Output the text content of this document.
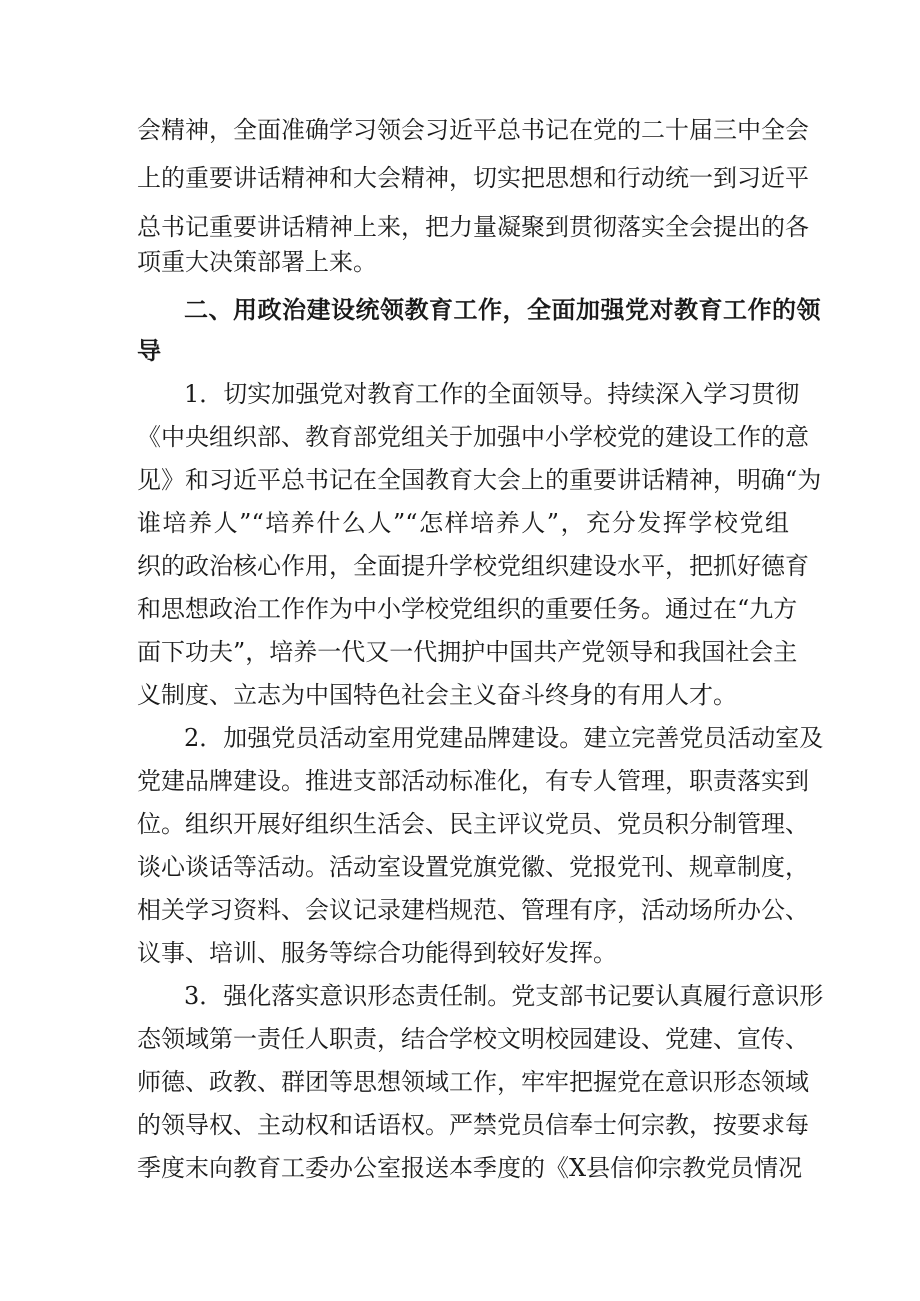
会精神，全面准确学习领会习近平总书记在党的二十届三中全会

上的重要讲话精神和大会精神，切实把思想和行动统一到习近平

总书记重要讲话精神上来，把力量凝聚到贯彻落实全会提出的各

项重大决策部署上来。

二、用政治建设统领教育工作，全面加强党对教育工作的领

导

1．切实加强党对教育工作的全面领导。持续深入学习贯彻

《中央组织部、教育部党组关于加强中小学校党的建设工作的意

见》和习近平总书记在全国教育大会上的重要讲话精神，明确“为

谁培养人”“培养什么人”“怎样培养人”，充分发挥学校党组

织的政治核心作用，全面提升学校党组织建设水平，把抓好德育

和思想政治工作作为中小学校党组织的重要任务。通过在“九方

面下功夫”，培养一代又一代拥护中国共产党领导和我国社会主

义制度、立志为中国特色社会主义奋斗终身的有用人才。

2．加强党员活动室用党建品牌建设。建立完善党员活动室及

党建品牌建设。推进支部活动标准化，有专人管理，职责落实到

位。组织开展好组织生活会、民主评议党员、党员积分制管理、

谈心谈话等活动。活动室设置党旗党徽、党报党刊、规章制度，

相关学习资料、会议记录建档规范、管理有序，活动场所办公、

议事、培训、服务等综合功能得到较好发挥。

3．强化落实意识形态责任制。党支部书记要认真履行意识形

态领域第一责任人职责，结合学校文明校园建设、党建、宣传、

师德、政教、群团等思想领域工作，牢牢把握党在意识形态领域

的领导权、主动权和话语权。严禁党员信奉士何宗教，按要求每

季度末向教育工委办公室报送本季度的《X县信仰宗教党员情况
